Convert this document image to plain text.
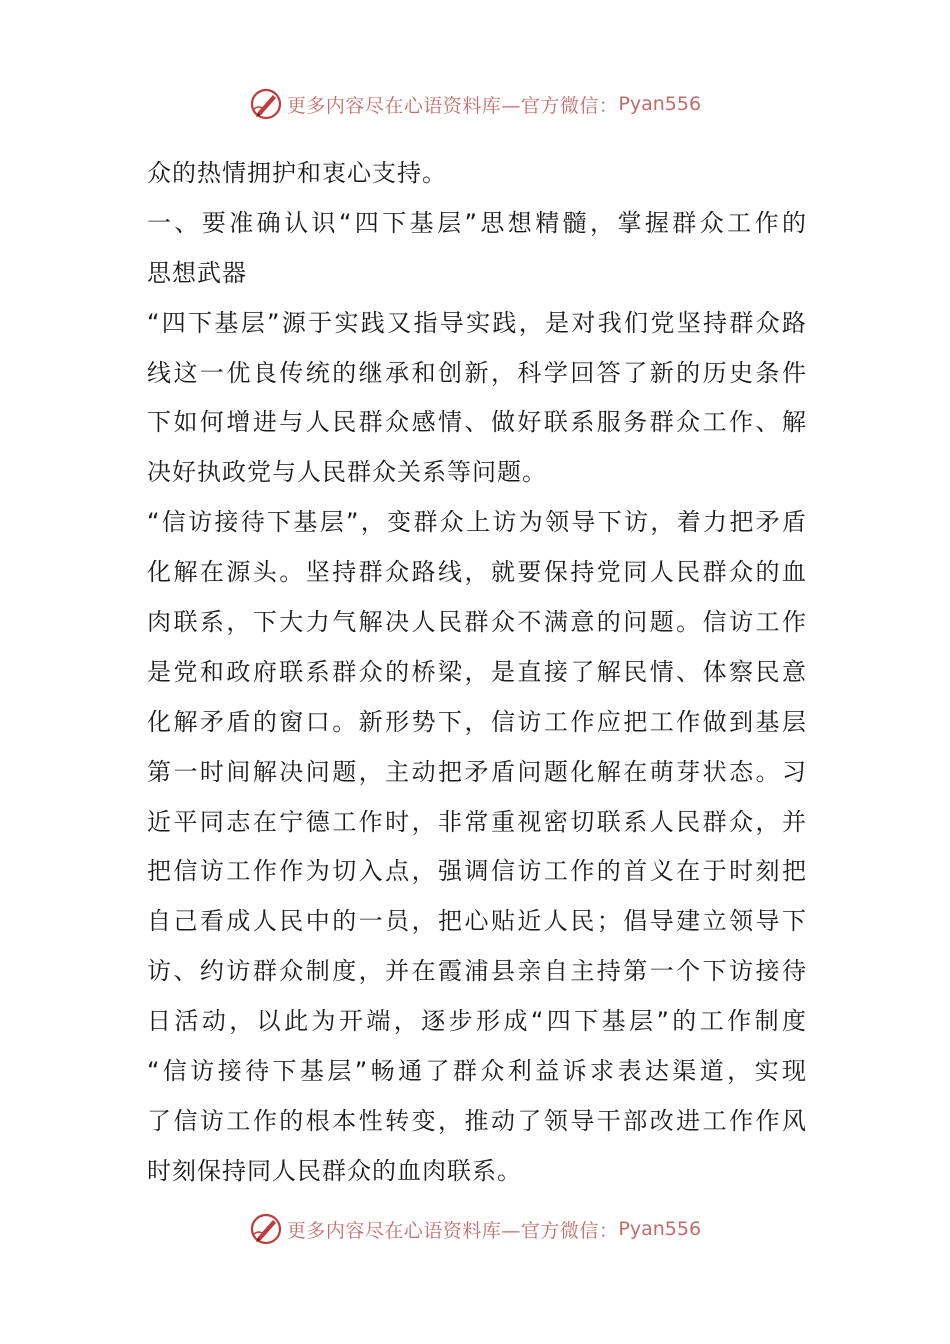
更多内容尽在心语资料库—官方微信： Pyan556
众的热情拥护和衷心支持。
一、要准确认识“四下基层”思想精髓，掌握群众工作的
思想武器
“四下基层”源于实践又指导实践，是对我们党坚持群众路
线这一优良传统的继承和创新，科学回答了新的历史条件
下如何增进与人民群众感情、做好联系服务群众工作、解
决好执政党与人民群众关系等问题。
“信访接待下基层”，变群众上访为领导下访，着力把矛盾
化解在源头。坚持群众路线，就要保持党同人民群众的血
肉联系，下大力气解决人民群众不满意的问题。信访工作
是党和政府联系群众的桥梁，是直接了解民情、体察民意
化解矛盾的窗口。新形势下，信访工作应把工作做到基层
第一时间解决问题，主动把矛盾问题化解在萌芽状态。习
近平同志在宁德工作时，非常重视密切联系人民群众，并
把信访工作作为切入点，强调信访工作的首义在于时刻把
自己看成人民中的一员，把心贴近人民；倡导建立领导下
访、约访群众制度，并在霞浦县亲自主持第一个下访接待
日活动，以此为开端，逐步形成“四下基层”的工作制度
“信访接待下基层”畅通了群众利益诉求表达渠道，实现
了信访工作的根本性转变，推动了领导干部改进工作作风
时刻保持同人民群众的血肉联系。
更多内容尽在心语资料库—官方微信： Pyan556
